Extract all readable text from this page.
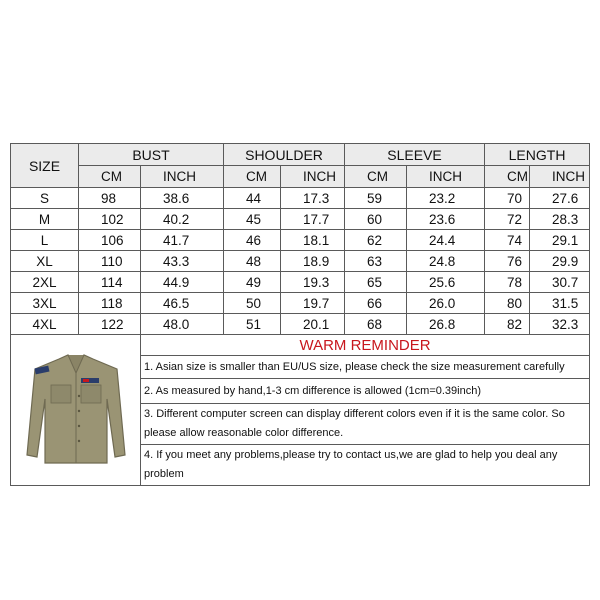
SIZE	BUST		SHOULDER		SLEEVE		LENGTH	
	CM	INCH	CM	INCH	CM	INCH	CM	INCH
S	98	38.6	44	17.3	59	23.2	70	27.6
M	102	40.2	45	17.7	60	23.6	72	28.3
L	106	41.7	46	18.1	62	24.4	74	29.1
XL	110	43.3	48	18.9	63	24.8	76	29.9
2XL	114	44.9	49	19.3	65	25.6	78	30.7
3XL	118	46.5	50	19.7	66	26.0	80	31.5
4XL	122	48.0	51	20.1	68	26.8	82	32.3

	WARM REMINDER						
		1. Asian size is smaller than EU/US size, please check the size measurement carefully						
		2. As measured by hand,1-3 cm difference is allowed (1cm=0.39inch)						
		3. Different computer screen can display different colors even if it is the same color. So please allow reasonable color difference.						
		4. If you meet any problems,please try to contact us,we are glad to help you deal any problem						
